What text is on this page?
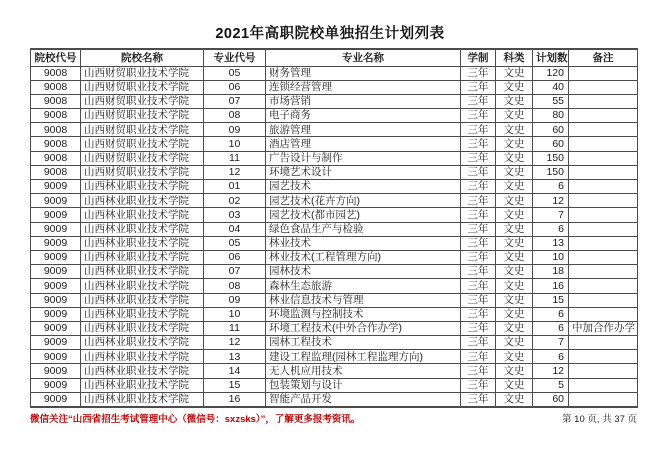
2021年高职院校单独招生计划列表
院校代号	院校名称	专业代号	专业名称	学制	科类	计划数	备注
9008	山西财贸职业技术学院	05	财务管理	三年	文史	120	
9008	山西财贸职业技术学院	06	连锁经营管理	三年	文史	40	
9008	山西财贸职业技术学院	07	市场营销	三年	文史	55	
9008	山西财贸职业技术学院	08	电子商务	三年	文史	80	
9008	山西财贸职业技术学院	09	旅游管理	三年	文史	60	
9008	山西财贸职业技术学院	10	酒店管理	三年	文史	60	
9008	山西财贸职业技术学院	11	广告设计与制作	三年	文史	150	
9008	山西财贸职业技术学院	12	环境艺术设计	三年	文史	150	
9009	山西林业职业技术学院	01	园艺技术	三年	文史	6	
9009	山西林业职业技术学院	02	园艺技术(花卉方向)	三年	文史	12	
9009	山西林业职业技术学院	03	园艺技术(都市园艺)	三年	文史	7	
9009	山西林业职业技术学院	04	绿色食品生产与检验	三年	文史	6	
9009	山西林业职业技术学院	05	林业技术	三年	文史	13	
9009	山西林业职业技术学院	06	林业技术(工程管理方向)	三年	文史	10	
9009	山西林业职业技术学院	07	园林技术	三年	文史	18	
9009	山西林业职业技术学院	08	森林生态旅游	三年	文史	16	
9009	山西林业职业技术学院	09	林业信息技术与管理	三年	文史	15	
9009	山西林业职业技术学院	10	环境监测与控制技术	三年	文史	6	
9009	山西林业职业技术学院	11	环境工程技术(中外合作办学)	三年	文史	6	中加合作办学
9009	山西林业职业技术学院	12	园林工程技术	三年	文史	7	
9009	山西林业职业技术学院	13	建设工程监理(园林工程监理方向)	三年	文史	6	
9009	山西林业职业技术学院	14	无人机应用技术	三年	文史	12	
9009	山西林业职业技术学院	15	包装策划与设计	三年	文史	5	
9009	山西林业职业技术学院	16	智能产品开发	三年	文史	60	
微信关注“山西省招生考试管理中心（微信号：sxzsks）”，了解更多报考资讯。	第 10 页, 共 37 页
